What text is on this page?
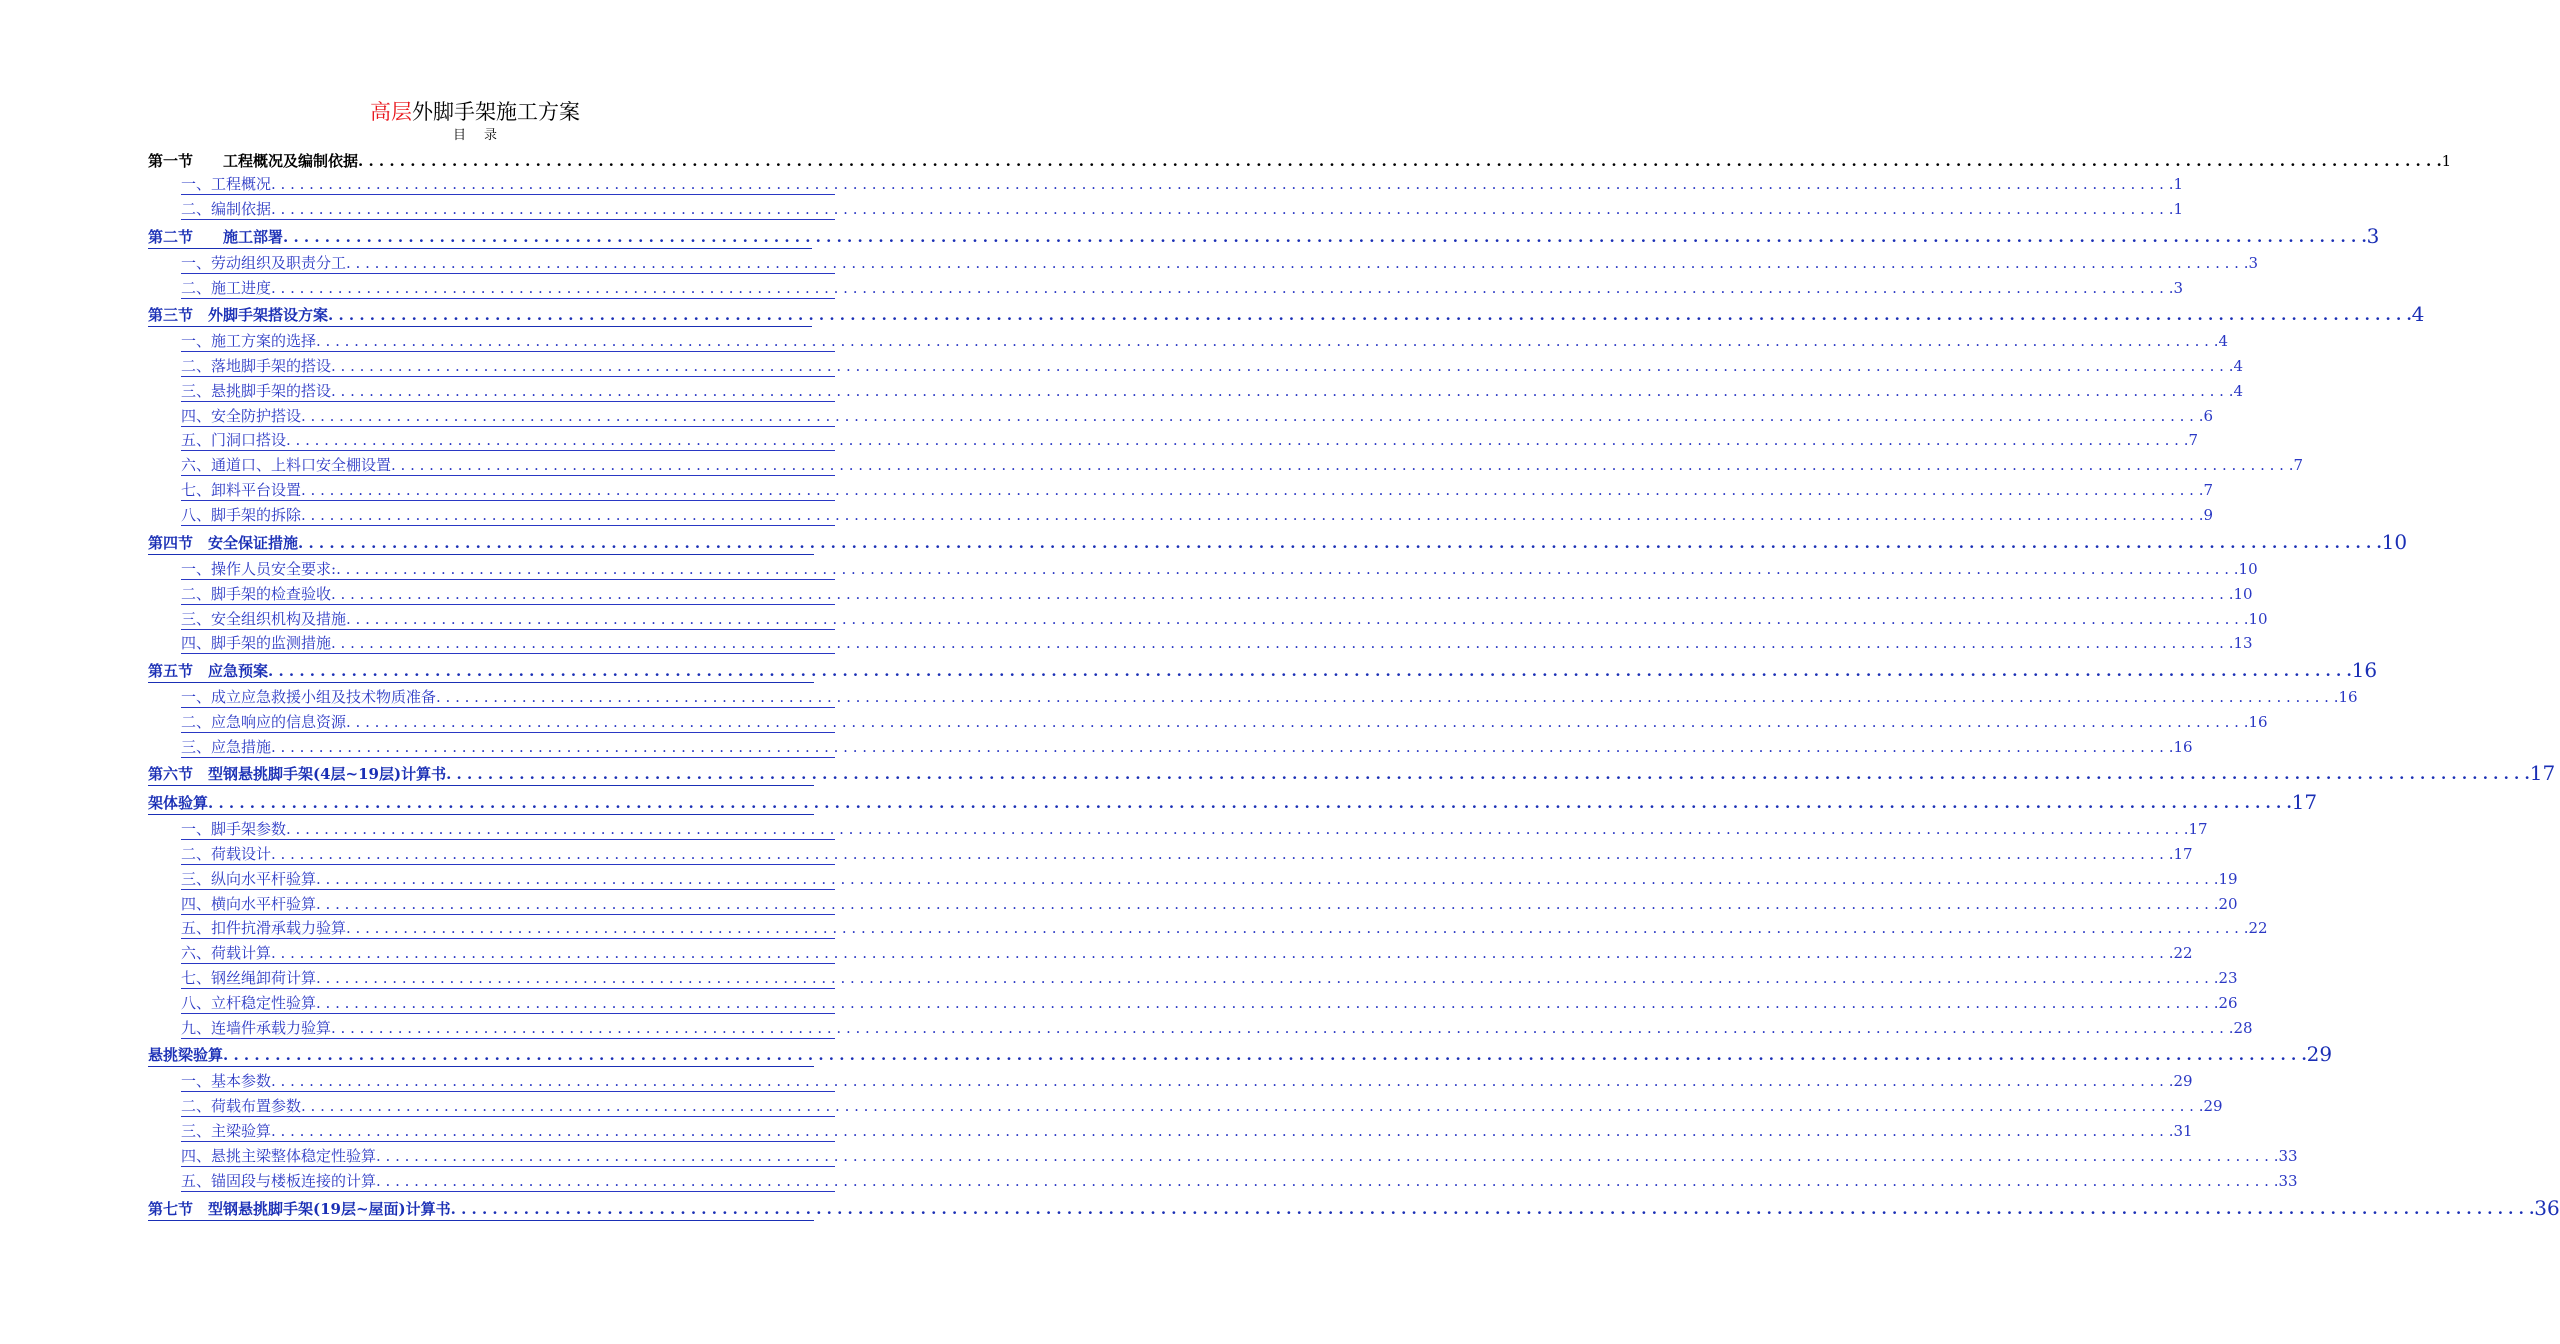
高层外脚手架施工方案
目录
第一节　　工程概况及编制依据 . . . . . . . . . . . . . . . . . . . . . . . . . . . . . . . . . . . . . . . . . . . . . . . . . . . . . . . . . . . . . . . . . . . . . . . . . . . . . . . . . . . . . . . . . . . . . . . . . . . . . . . . . . . . . . . . . . . . . . . . . . . . . . . . . . . . . . . . . . . . . . . . . . . . . . . . . . . . . . . . . . . . . . . . . . . . . . . . . . . . . . . . . . . . . . . . . . . . . . . . 1
一、工程概况 . . . . . . . . . . . . . . . . . . . . . . . . . . . . . . . . . . . . . . . . . . . . . . . . . . . . . . . . . . . . . . . . . . . . . . . . . . . . . . . . . . . . . . . . . . . . . . . . . . . . . . . . . . . . . . . . . . . . . . . . . . . . . . . . . . . . . . . . . . . . . . . . . . . . . . . . . . . . . . . . . . . . . . . . . . . . . . . . . . . . . . . . . . . . . . . . . . . . . . . . 1
二、编制依据 . . . . . . . . . . . . . . . . . . . . . . . . . . . . . . . . . . . . . . . . . . . . . . . . . . . . . . . . . . . . . . . . . . . . . . . . . . . . . . . . . . . . . . . . . . . . . . . . . . . . . . . . . . . . . . . . . . . . . . . . . . . . . . . . . . . . . . . . . . . . . . . . . . . . . . . . . . . . . . . . . . . . . . . . . . . . . . . . . . . . . . . . . . . . . . . . . . . . . . . . 1
第二节　　施工部署 . . . . . . . . . . . . . . . . . . . . . . . . . . . . . . . . . . . . . . . . . . . . . . . . . . . . . . . . . . . . . . . . . . . . . . . . . . . . . . . . . . . . . . . . . . . . . . . . . . . . . . . . . . . . . . . . . . . . . . . . . . . . . . . . . . . . . . . . . . . . . . . . . . . . . . . . . . . . . . . . . . . . . . . . . . . . . . . . . . . . . . . . . . . . . . . . . . . . . . . . 3
一、劳动组织及职责分工 . . . . . . . . . . . . . . . . . . . . . . . . . . . . . . . . . . . . . . . . . . . . . . . . . . . . . . . . . . . . . . . . . . . . . . . . . . . . . . . . . . . . . . . . . . . . . . . . . . . . . . . . . . . . . . . . . . . . . . . . . . . . . . . . . . . . . . . . . . . . . . . . . . . . . . . . . . . . . . . . . . . . . . . . . . . . . . . . . . . . . . . . . . . . . . . . . . . . . . . . 3
二、施工进度 . . . . . . . . . . . . . . . . . . . . . . . . . . . . . . . . . . . . . . . . . . . . . . . . . . . . . . . . . . . . . . . . . . . . . . . . . . . . . . . . . . . . . . . . . . . . . . . . . . . . . . . . . . . . . . . . . . . . . . . . . . . . . . . . . . . . . . . . . . . . . . . . . . . . . . . . . . . . . . . . . . . . . . . . . . . . . . . . . . . . . . . . . . . . . . . . . . . . . . . . 3
第三节　外脚手架搭设方案 . . . . . . . . . . . . . . . . . . . . . . . . . . . . . . . . . . . . . . . . . . . . . . . . . . . . . . . . . . . . . . . . . . . . . . . . . . . . . . . . . . . . . . . . . . . . . . . . . . . . . . . . . . . . . . . . . . . . . . . . . . . . . . . . . . . . . . . . . . . . . . . . . . . . . . . . . . . . . . . . . . . . . . . . . . . . . . . . . . . . . . . . . . . . . . . . . . . . . . . . 4
一、施工方案的选择 . . . . . . . . . . . . . . . . . . . . . . . . . . . . . . . . . . . . . . . . . . . . . . . . . . . . . . . . . . . . . . . . . . . . . . . . . . . . . . . . . . . . . . . . . . . . . . . . . . . . . . . . . . . . . . . . . . . . . . . . . . . . . . . . . . . . . . . . . . . . . . . . . . . . . . . . . . . . . . . . . . . . . . . . . . . . . . . . . . . . . . . . . . . . . . . . . . . . . . . . 4
二、落地脚手架的搭设 . . . . . . . . . . . . . . . . . . . . . . . . . . . . . . . . . . . . . . . . . . . . . . . . . . . . . . . . . . . . . . . . . . . . . . . . . . . . . . . . . . . . . . . . . . . . . . . . . . . . . . . . . . . . . . . . . . . . . . . . . . . . . . . . . . . . . . . . . . . . . . . . . . . . . . . . . . . . . . . . . . . . . . . . . . . . . . . . . . . . . . . . . . . . . . . . . . . . . . . . 4
三、悬挑脚手架的搭设 . . . . . . . . . . . . . . . . . . . . . . . . . . . . . . . . . . . . . . . . . . . . . . . . . . . . . . . . . . . . . . . . . . . . . . . . . . . . . . . . . . . . . . . . . . . . . . . . . . . . . . . . . . . . . . . . . . . . . . . . . . . . . . . . . . . . . . . . . . . . . . . . . . . . . . . . . . . . . . . . . . . . . . . . . . . . . . . . . . . . . . . . . . . . . . . . . . . . . . . . 4
四、安全防护搭设 . . . . . . . . . . . . . . . . . . . . . . . . . . . . . . . . . . . . . . . . . . . . . . . . . . . . . . . . . . . . . . . . . . . . . . . . . . . . . . . . . . . . . . . . . . . . . . . . . . . . . . . . . . . . . . . . . . . . . . . . . . . . . . . . . . . . . . . . . . . . . . . . . . . . . . . . . . . . . . . . . . . . . . . . . . . . . . . . . . . . . . . . . . . . . . . . . . . . . . . . 6
五、门洞口搭设 . . . . . . . . . . . . . . . . . . . . . . . . . . . . . . . . . . . . . . . . . . . . . . . . . . . . . . . . . . . . . . . . . . . . . . . . . . . . . . . . . . . . . . . . . . . . . . . . . . . . . . . . . . . . . . . . . . . . . . . . . . . . . . . . . . . . . . . . . . . . . . . . . . . . . . . . . . . . . . . . . . . . . . . . . . . . . . . . . . . . . . . . . . . . . . . . . . . . . . . . 7
六、通道口、上料口安全棚设置 . . . . . . . . . . . . . . . . . . . . . . . . . . . . . . . . . . . . . . . . . . . . . . . . . . . . . . . . . . . . . . . . . . . . . . . . . . . . . . . . . . . . . . . . . . . . . . . . . . . . . . . . . . . . . . . . . . . . . . . . . . . . . . . . . . . . . . . . . . . . . . . . . . . . . . . . . . . . . . . . . . . . . . . . . . . . . . . . . . . . . . . . . . . . . . . . . . . . . . . . 7
七、卸料平台设置 . . . . . . . . . . . . . . . . . . . . . . . . . . . . . . . . . . . . . . . . . . . . . . . . . . . . . . . . . . . . . . . . . . . . . . . . . . . . . . . . . . . . . . . . . . . . . . . . . . . . . . . . . . . . . . . . . . . . . . . . . . . . . . . . . . . . . . . . . . . . . . . . . . . . . . . . . . . . . . . . . . . . . . . . . . . . . . . . . . . . . . . . . . . . . . . . . . . . . . . . 7
八、脚手架的拆除 . . . . . . . . . . . . . . . . . . . . . . . . . . . . . . . . . . . . . . . . . . . . . . . . . . . . . . . . . . . . . . . . . . . . . . . . . . . . . . . . . . . . . . . . . . . . . . . . . . . . . . . . . . . . . . . . . . . . . . . . . . . . . . . . . . . . . . . . . . . . . . . . . . . . . . . . . . . . . . . . . . . . . . . . . . . . . . . . . . . . . . . . . . . . . . . . . . . . . . . . 9
第四节　安全保证措施 . . . . . . . . . . . . . . . . . . . . . . . . . . . . . . . . . . . . . . . . . . . . . . . . . . . . . . . . . . . . . . . . . . . . . . . . . . . . . . . . . . . . . . . . . . . . . . . . . . . . . . . . . . . . . . . . . . . . . . . . . . . . . . . . . . . . . . . . . . . . . . . . . . . . . . . . . . . . . . . . . . . . . . . . . . . . . . . . . . . . . . . . . . . . . . . . . . . . . . . . 10
一、操作人员安全要求: . . . . . . . . . . . . . . . . . . . . . . . . . . . . . . . . . . . . . . . . . . . . . . . . . . . . . . . . . . . . . . . . . . . . . . . . . . . . . . . . . . . . . . . . . . . . . . . . . . . . . . . . . . . . . . . . . . . . . . . . . . . . . . . . . . . . . . . . . . . . . . . . . . . . . . . . . . . . . . . . . . . . . . . . . . . . . . . . . . . . . . . . . . . . . . . . . . . . . . . . 10
二、脚手架的检查验收 . . . . . . . . . . . . . . . . . . . . . . . . . . . . . . . . . . . . . . . . . . . . . . . . . . . . . . . . . . . . . . . . . . . . . . . . . . . . . . . . . . . . . . . . . . . . . . . . . . . . . . . . . . . . . . . . . . . . . . . . . . . . . . . . . . . . . . . . . . . . . . . . . . . . . . . . . . . . . . . . . . . . . . . . . . . . . . . . . . . . . . . . . . . . . . . . . . . . . . . . 10
三、安全组织机构及措施 . . . . . . . . . . . . . . . . . . . . . . . . . . . . . . . . . . . . . . . . . . . . . . . . . . . . . . . . . . . . . . . . . . . . . . . . . . . . . . . . . . . . . . . . . . . . . . . . . . . . . . . . . . . . . . . . . . . . . . . . . . . . . . . . . . . . . . . . . . . . . . . . . . . . . . . . . . . . . . . . . . . . . . . . . . . . . . . . . . . . . . . . . . . . . . . . . . . . . . . . 10
四、脚手架的监测措施 . . . . . . . . . . . . . . . . . . . . . . . . . . . . . . . . . . . . . . . . . . . . . . . . . . . . . . . . . . . . . . . . . . . . . . . . . . . . . . . . . . . . . . . . . . . . . . . . . . . . . . . . . . . . . . . . . . . . . . . . . . . . . . . . . . . . . . . . . . . . . . . . . . . . . . . . . . . . . . . . . . . . . . . . . . . . . . . . . . . . . . . . . . . . . . . . . . . . . . . . 13
第五节　应急预案 . . . . . . . . . . . . . . . . . . . . . . . . . . . . . . . . . . . . . . . . . . . . . . . . . . . . . . . . . . . . . . . . . . . . . . . . . . . . . . . . . . . . . . . . . . . . . . . . . . . . . . . . . . . . . . . . . . . . . . . . . . . . . . . . . . . . . . . . . . . . . . . . . . . . . . . . . . . . . . . . . . . . . . . . . . . . . . . . . . . . . . . . . . . . . . . . . . . . . . . . 16
一、成立应急救援小组及技术物质准备 . . . . . . . . . . . . . . . . . . . . . . . . . . . . . . . . . . . . . . . . . . . . . . . . . . . . . . . . . . . . . . . . . . . . . . . . . . . . . . . . . . . . . . . . . . . . . . . . . . . . . . . . . . . . . . . . . . . . . . . . . . . . . . . . . . . . . . . . . . . . . . . . . . . . . . . . . . . . . . . . . . . . . . . . . . . . . . . . . . . . . . . . . . . . . . . . . . . . . . . . 16
二、应急响应的信息资源 . . . . . . . . . . . . . . . . . . . . . . . . . . . . . . . . . . . . . . . . . . . . . . . . . . . . . . . . . . . . . . . . . . . . . . . . . . . . . . . . . . . . . . . . . . . . . . . . . . . . . . . . . . . . . . . . . . . . . . . . . . . . . . . . . . . . . . . . . . . . . . . . . . . . . . . . . . . . . . . . . . . . . . . . . . . . . . . . . . . . . . . . . . . . . . . . . . . . . . . . 16
三、应急措施 . . . . . . . . . . . . . . . . . . . . . . . . . . . . . . . . . . . . . . . . . . . . . . . . . . . . . . . . . . . . . . . . . . . . . . . . . . . . . . . . . . . . . . . . . . . . . . . . . . . . . . . . . . . . . . . . . . . . . . . . . . . . . . . . . . . . . . . . . . . . . . . . . . . . . . . . . . . . . . . . . . . . . . . . . . . . . . . . . . . . . . . . . . . . . . . . . . . . . . . . 16
第六节　型钢悬挑脚手架(4层~19层)计算书 . . . . . . . . . . . . . . . . . . . . . . . . . . . . . . . . . . . . . . . . . . . . . . . . . . . . . . . . . . . . . . . . . . . . . . . . . . . . . . . . . . . . . . . . . . . . . . . . . . . . . . . . . . . . . . . . . . . . . . . . . . . . . . . . . . . . . . . . . . . . . . . . . . . . . . . . . . . . . . . . . . . . . . . . . . . . . . . . . . . . . . . . . . . . . . . . . . . . . . . . 17
架体验算 . . . . . . . . . . . . . . . . . . . . . . . . . . . . . . . . . . . . . . . . . . . . . . . . . . . . . . . . . . . . . . . . . . . . . . . . . . . . . . . . . . . . . . . . . . . . . . . . . . . . . . . . . . . . . . . . . . . . . . . . . . . . . . . . . . . . . . . . . . . . . . . . . . . . . . . . . . . . . . . . . . . . . . . . . . . . . . . . . . . . . . . . . . . . . . . . . . . . . . . . 17
一、脚手架参数 . . . . . . . . . . . . . . . . . . . . . . . . . . . . . . . . . . . . . . . . . . . . . . . . . . . . . . . . . . . . . . . . . . . . . . . . . . . . . . . . . . . . . . . . . . . . . . . . . . . . . . . . . . . . . . . . . . . . . . . . . . . . . . . . . . . . . . . . . . . . . . . . . . . . . . . . . . . . . . . . . . . . . . . . . . . . . . . . . . . . . . . . . . . . . . . . . . . . . . . . 17
二、荷载设计 . . . . . . . . . . . . . . . . . . . . . . . . . . . . . . . . . . . . . . . . . . . . . . . . . . . . . . . . . . . . . . . . . . . . . . . . . . . . . . . . . . . . . . . . . . . . . . . . . . . . . . . . . . . . . . . . . . . . . . . . . . . . . . . . . . . . . . . . . . . . . . . . . . . . . . . . . . . . . . . . . . . . . . . . . . . . . . . . . . . . . . . . . . . . . . . . . . . . . . . . 17
三、纵向水平杆验算 . . . . . . . . . . . . . . . . . . . . . . . . . . . . . . . . . . . . . . . . . . . . . . . . . . . . . . . . . . . . . . . . . . . . . . . . . . . . . . . . . . . . . . . . . . . . . . . . . . . . . . . . . . . . . . . . . . . . . . . . . . . . . . . . . . . . . . . . . . . . . . . . . . . . . . . . . . . . . . . . . . . . . . . . . . . . . . . . . . . . . . . . . . . . . . . . . . . . . . . . 19
四、横向水平杆验算 . . . . . . . . . . . . . . . . . . . . . . . . . . . . . . . . . . . . . . . . . . . . . . . . . . . . . . . . . . . . . . . . . . . . . . . . . . . . . . . . . . . . . . . . . . . . . . . . . . . . . . . . . . . . . . . . . . . . . . . . . . . . . . . . . . . . . . . . . . . . . . . . . . . . . . . . . . . . . . . . . . . . . . . . . . . . . . . . . . . . . . . . . . . . . . . . . . . . . . . . 20
五、扣件抗滑承载力验算 . . . . . . . . . . . . . . . . . . . . . . . . . . . . . . . . . . . . . . . . . . . . . . . . . . . . . . . . . . . . . . . . . . . . . . . . . . . . . . . . . . . . . . . . . . . . . . . . . . . . . . . . . . . . . . . . . . . . . . . . . . . . . . . . . . . . . . . . . . . . . . . . . . . . . . . . . . . . . . . . . . . . . . . . . . . . . . . . . . . . . . . . . . . . . . . . . . . . . . . . 22
六、荷载计算 . . . . . . . . . . . . . . . . . . . . . . . . . . . . . . . . . . . . . . . . . . . . . . . . . . . . . . . . . . . . . . . . . . . . . . . . . . . . . . . . . . . . . . . . . . . . . . . . . . . . . . . . . . . . . . . . . . . . . . . . . . . . . . . . . . . . . . . . . . . . . . . . . . . . . . . . . . . . . . . . . . . . . . . . . . . . . . . . . . . . . . . . . . . . . . . . . . . . . . . . 22
七、钢丝绳卸荷计算 . . . . . . . . . . . . . . . . . . . . . . . . . . . . . . . . . . . . . . . . . . . . . . . . . . . . . . . . . . . . . . . . . . . . . . . . . . . . . . . . . . . . . . . . . . . . . . . . . . . . . . . . . . . . . . . . . . . . . . . . . . . . . . . . . . . . . . . . . . . . . . . . . . . . . . . . . . . . . . . . . . . . . . . . . . . . . . . . . . . . . . . . . . . . . . . . . . . . . . . . 23
八、立杆稳定性验算 . . . . . . . . . . . . . . . . . . . . . . . . . . . . . . . . . . . . . . . . . . . . . . . . . . . . . . . . . . . . . . . . . . . . . . . . . . . . . . . . . . . . . . . . . . . . . . . . . . . . . . . . . . . . . . . . . . . . . . . . . . . . . . . . . . . . . . . . . . . . . . . . . . . . . . . . . . . . . . . . . . . . . . . . . . . . . . . . . . . . . . . . . . . . . . . . . . . . . . . . 26
九、连墙件承载力验算 . . . . . . . . . . . . . . . . . . . . . . . . . . . . . . . . . . . . . . . . . . . . . . . . . . . . . . . . . . . . . . . . . . . . . . . . . . . . . . . . . . . . . . . . . . . . . . . . . . . . . . . . . . . . . . . . . . . . . . . . . . . . . . . . . . . . . . . . . . . . . . . . . . . . . . . . . . . . . . . . . . . . . . . . . . . . . . . . . . . . . . . . . . . . . . . . . . . . . . . . 28
悬挑梁验算 . . . . . . . . . . . . . . . . . . . . . . . . . . . . . . . . . . . . . . . . . . . . . . . . . . . . . . . . . . . . . . . . . . . . . . . . . . . . . . . . . . . . . . . . . . . . . . . . . . . . . . . . . . . . . . . . . . . . . . . . . . . . . . . . . . . . . . . . . . . . . . . . . . . . . . . . . . . . . . . . . . . . . . . . . . . . . . . . . . . . . . . . . . . . . . . . . . . . . . . . 29
一、基本参数 . . . . . . . . . . . . . . . . . . . . . . . . . . . . . . . . . . . . . . . . . . . . . . . . . . . . . . . . . . . . . . . . . . . . . . . . . . . . . . . . . . . . . . . . . . . . . . . . . . . . . . . . . . . . . . . . . . . . . . . . . . . . . . . . . . . . . . . . . . . . . . . . . . . . . . . . . . . . . . . . . . . . . . . . . . . . . . . . . . . . . . . . . . . . . . . . . . . . . . . . 29
二、荷载布置参数 . . . . . . . . . . . . . . . . . . . . . . . . . . . . . . . . . . . . . . . . . . . . . . . . . . . . . . . . . . . . . . . . . . . . . . . . . . . . . . . . . . . . . . . . . . . . . . . . . . . . . . . . . . . . . . . . . . . . . . . . . . . . . . . . . . . . . . . . . . . . . . . . . . . . . . . . . . . . . . . . . . . . . . . . . . . . . . . . . . . . . . . . . . . . . . . . . . . . . . . . 29
三、主梁验算 . . . . . . . . . . . . . . . . . . . . . . . . . . . . . . . . . . . . . . . . . . . . . . . . . . . . . . . . . . . . . . . . . . . . . . . . . . . . . . . . . . . . . . . . . . . . . . . . . . . . . . . . . . . . . . . . . . . . . . . . . . . . . . . . . . . . . . . . . . . . . . . . . . . . . . . . . . . . . . . . . . . . . . . . . . . . . . . . . . . . . . . . . . . . . . . . . . . . . . . . 31
四、悬挑主梁整体稳定性验算 . . . . . . . . . . . . . . . . . . . . . . . . . . . . . . . . . . . . . . . . . . . . . . . . . . . . . . . . . . . . . . . . . . . . . . . . . . . . . . . . . . . . . . . . . . . . . . . . . . . . . . . . . . . . . . . . . . . . . . . . . . . . . . . . . . . . . . . . . . . . . . . . . . . . . . . . . . . . . . . . . . . . . . . . . . . . . . . . . . . . . . . . . . . . . . . . . . . . . . . . 33
五、锚固段与楼板连接的计算 . . . . . . . . . . . . . . . . . . . . . . . . . . . . . . . . . . . . . . . . . . . . . . . . . . . . . . . . . . . . . . . . . . . . . . . . . . . . . . . . . . . . . . . . . . . . . . . . . . . . . . . . . . . . . . . . . . . . . . . . . . . . . . . . . . . . . . . . . . . . . . . . . . . . . . . . . . . . . . . . . . . . . . . . . . . . . . . . . . . . . . . . . . . . . . . . . . . . . . . . 33
第七节　型钢悬挑脚手架(19层~屋面)计算书 . . . . . . . . . . . . . . . . . . . . . . . . . . . . . . . . . . . . . . . . . . . . . . . . . . . . . . . . . . . . . . . . . . . . . . . . . . . . . . . . . . . . . . . . . . . . . . . . . . . . . . . . . . . . . . . . . . . . . . . . . . . . . . . . . . . . . . . . . . . . . . . . . . . . . . . . . . . . . . . . . . . . . . . . . . . . . . . . . . . . . . . . . . . . . . . . . . . . . . . . 36
